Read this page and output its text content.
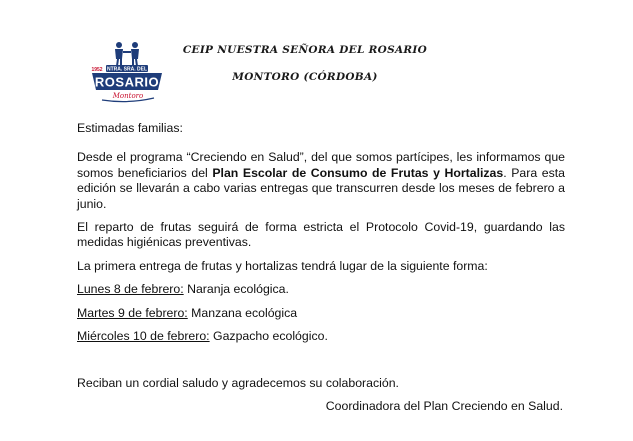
NTRA. SRA. DEL
1952
ROSARIO
Montoro

CEIP NUESTRA SEÑORA DEL ROSARIO

MONTORO (CÓRDOBA)

Estimadas familias:

Desde el programa “Creciendo en Salud”, del que somos partícipes, les informamos que somos beneficiarios del Plan Escolar de Consumo de Frutas y Hortalizas. Para esta edición se llevarán a cabo varias entregas que transcurren desde los meses de febrero a junio.

El reparto de frutas seguirá de forma estricta el Protocolo Covid-19, guardando las medidas higiénicas preventivas.

La primera entrega de frutas y hortalizas tendrá lugar de la siguiente forma:

Lunes 8 de febrero: Naranja ecológica.

Martes 9 de febrero: Manzana ecológica

Miércoles 10 de febrero: Gazpacho ecológico.

Reciban un cordial saludo y agradecemos su colaboración.

Coordinadora del Plan Creciendo en Salud.
